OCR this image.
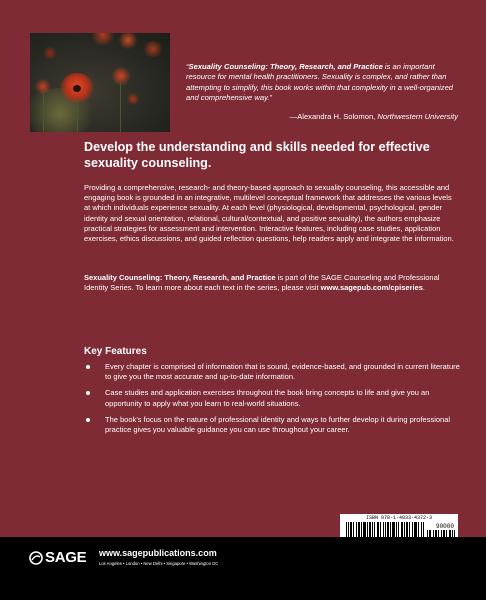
“Sexuality Counseling: Theory, Research, and Practice is an important resource for mental health practitioners. Sexuality is complex, and rather than attempting to simplify, this book works within that complexity in a well-organized and comprehensive way.”
—Alexandra H. Solomon, Northwestern University

Develop the understanding and skills needed for effective sexuality counseling.

Providing a comprehensive, research- and theory-based approach to sexuality counseling, this accessible and engaging book is grounded in an integrative, multilevel conceptual framework that addresses the various levels at which individuals experience sexuality. At each level (physiological, developmental, psychological, gender identity and sexual orientation, relational, cultural/contextual, and positive sexuality), the authors emphasize practical strategies for assessment and intervention. Interactive features, including case studies, application exercises, ethics discussions, and guided reflection questions, help readers apply and integrate the information.

Sexuality Counseling: Theory, Research, and Practice is part of the SAGE Counseling and Professional Identity Series. To learn more about each text in the series, please visit www.sagepub.com/cpiseries.

Key Features
Every chapter is comprised of information that is sound, evidence-based, and grounded in current literature to give you the most accurate and up-to-date information.
Case studies and application exercises throughout the book bring concepts to life and give you an opportunity to apply what you learn to real-world situations.
The book’s focus on the nature of professional identity and ways to further develop it during professional practice gives you valuable guidance you can use throughout your career.
ISBN 978-1-4833-4372-3
90000
SAGE www.sagepublications.com
Los Angeles • London • New Delhi • Singapore • Washington DC
